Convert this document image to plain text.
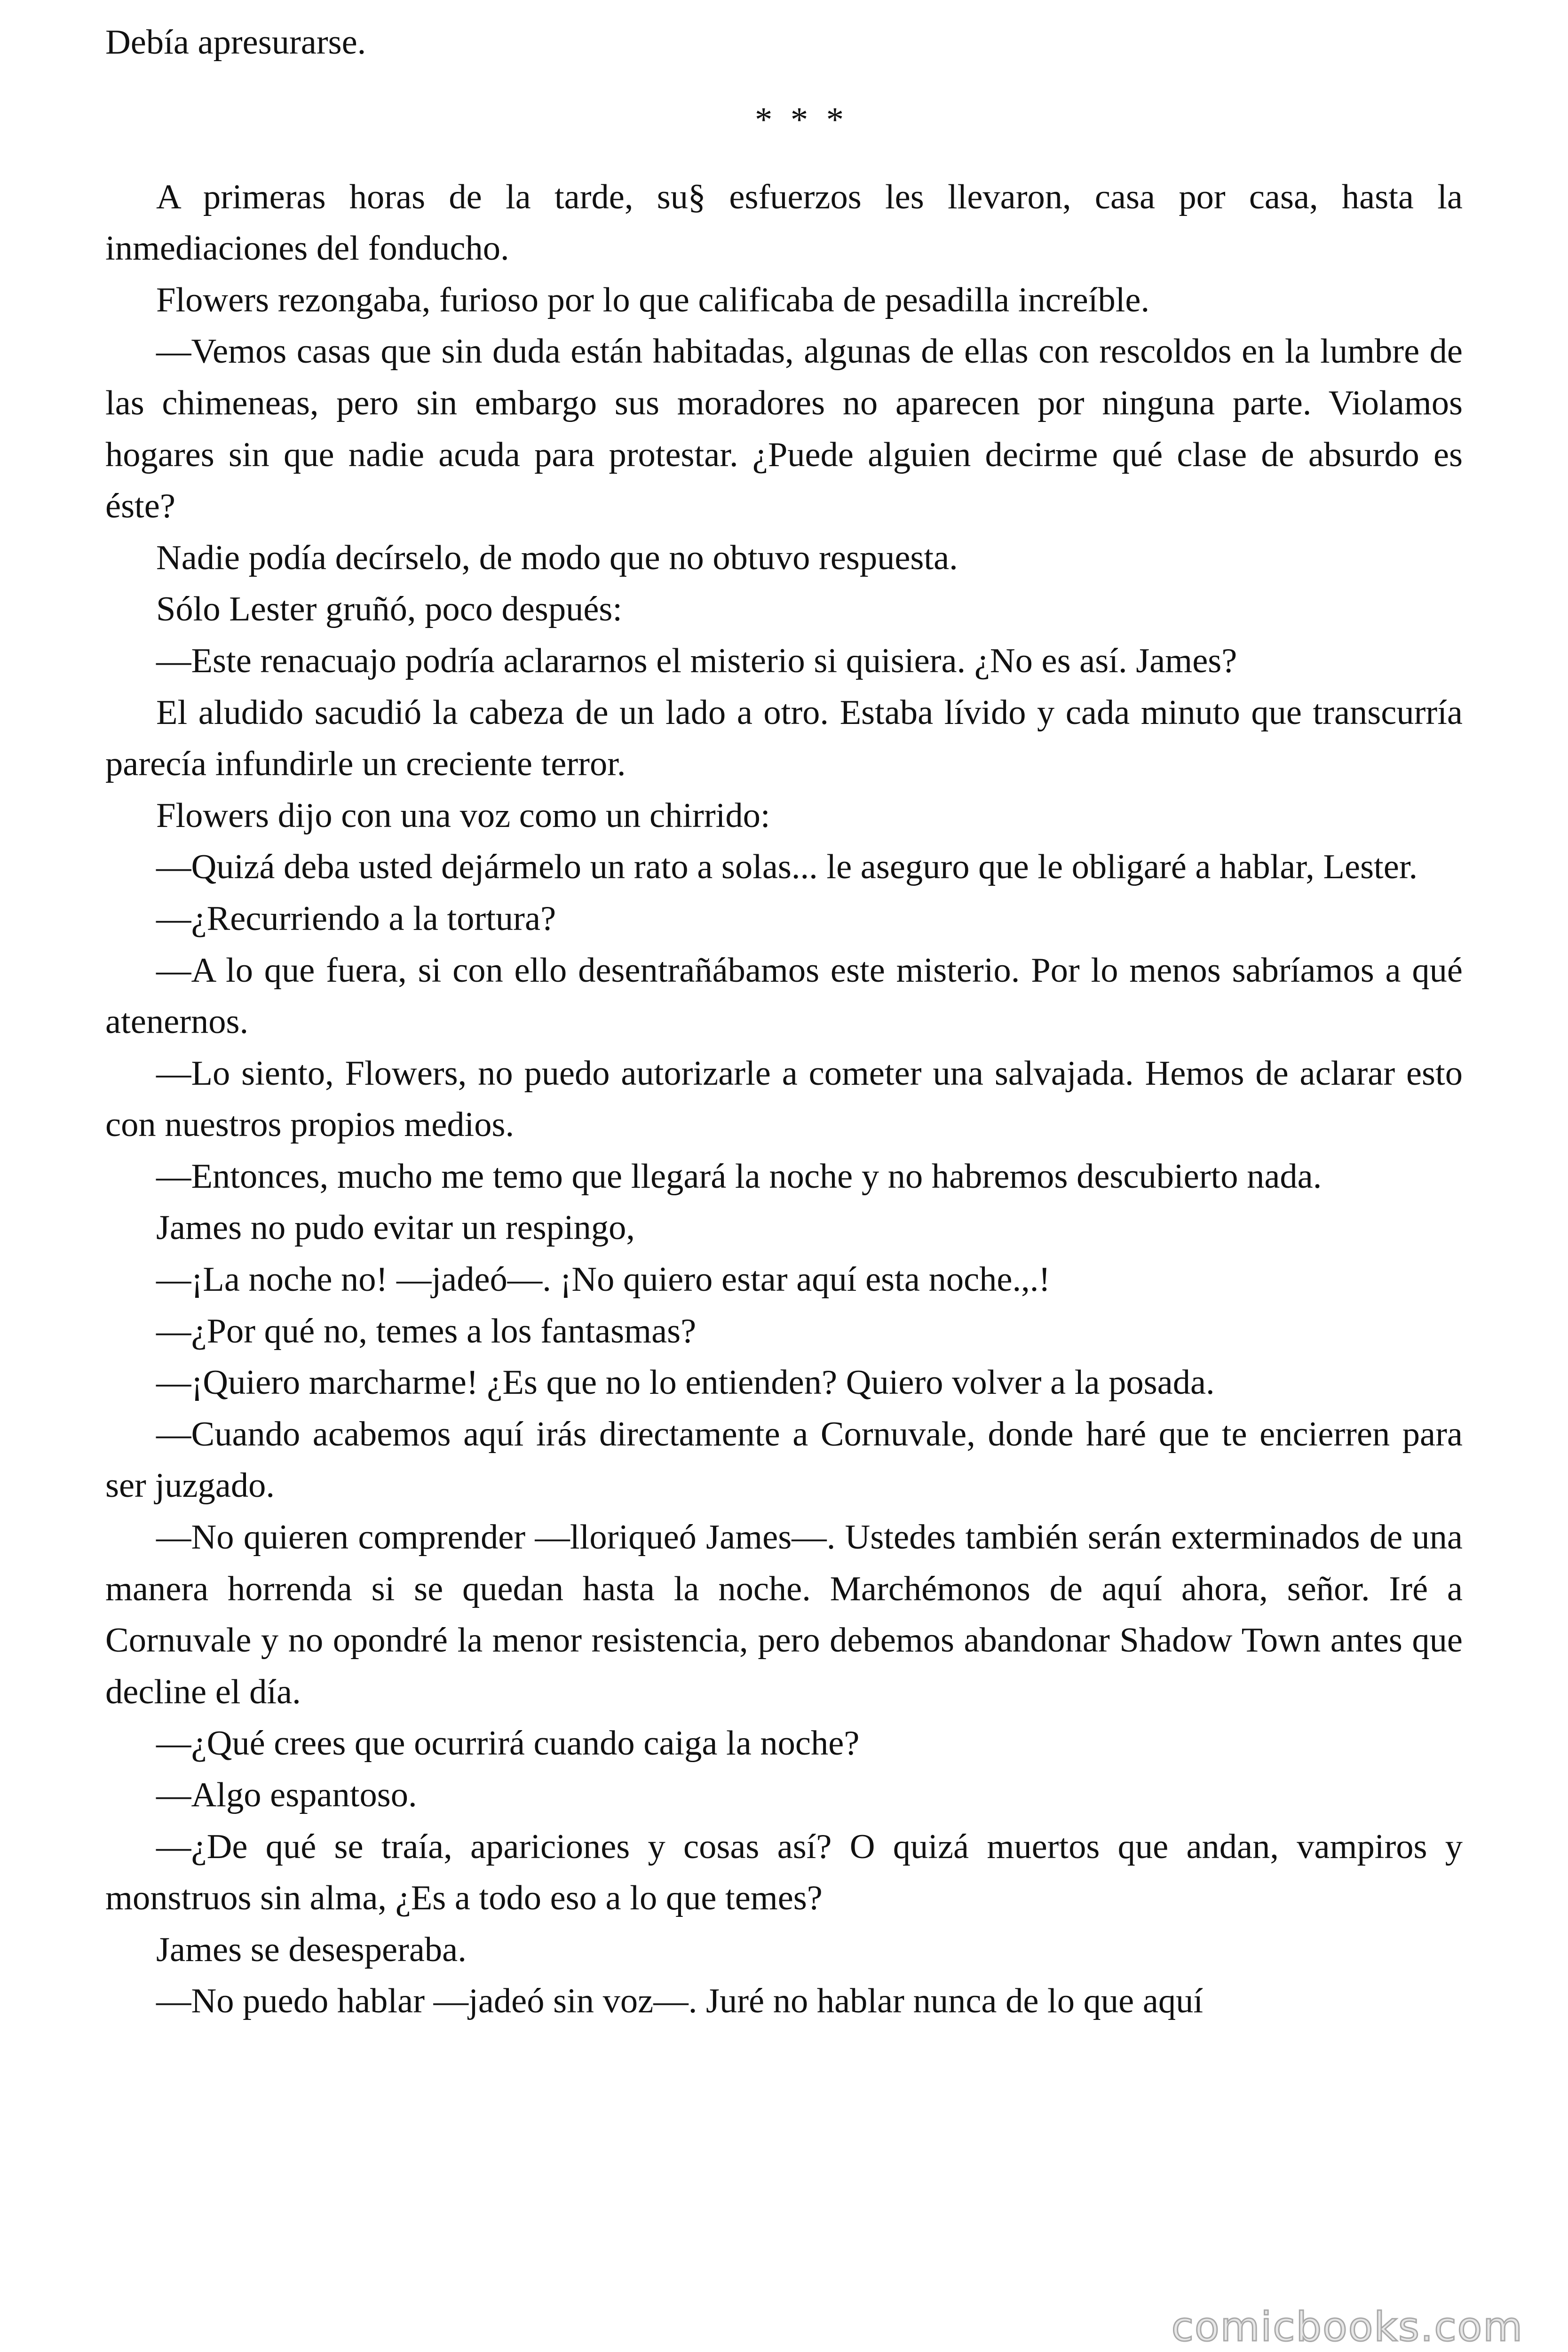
Debía apresurarse.

* * *

A primeras horas de la tarde, su§ esfuerzos les llevaron, casa por casa, hasta la inmediaciones del fonducho.

Flowers rezongaba, furioso por lo que calificaba de pesadilla increíble.

—Vemos casas que sin duda están habitadas, algunas de ellas con rescoldos en la lumbre de las chimeneas, pero sin embargo sus moradores no aparecen por ninguna parte. Violamos hogares sin que nadie acuda para protestar. ¿Puede alguien decirme qué clase de absurdo es éste?

Nadie podía decírselo, de modo que no obtuvo respuesta.

Sólo Lester gruñó, poco después:

—Este renacuajo podría aclararnos el misterio si quisiera. ¿No es así. James?

El aludido sacudió la cabeza de un lado a otro. Estaba lívido y cada minuto que transcurría parecía infundirle un creciente terror.

Flowers dijo con una voz como un chirrido:

—Quizá deba usted dejármelo un rato a solas... le aseguro que le obligaré a hablar, Lester.

—¿Recurriendo a la tortura?

—A lo que fuera, si con ello desentrañábamos este misterio. Por lo menos sabríamos a qué atenernos.

—Lo siento, Flowers, no puedo autorizarle a cometer una salvajada. Hemos de aclarar esto con nuestros propios medios.

—Entonces, mucho me temo que llegará la noche y no habremos descubierto nada.

James no pudo evitar un respingo,

—¡La noche no! —jadeó—. ¡No quiero estar aquí esta noche.,.!

—¿Por qué no, temes a los fantasmas?

—¡Quiero marcharme! ¿Es que no lo entienden? Quiero volver a la posada.

—Cuando acabemos aquí irás directamente a Cornuvale, donde haré que te encierren para ser juzgado.

—No quieren comprender —lloriqueó James—. Ustedes también serán exterminados de una manera horrenda si se quedan hasta la noche. Marchémonos de aquí ahora, señor. Iré a Cornuvale y no opondré la menor resistencia, pero debemos abandonar Shadow Town antes que decline el día.

—¿Qué crees que ocurrirá cuando caiga la noche?

—Algo espantoso.

—¿De qué se traía, apariciones y cosas así? O quizá muertos que andan, vampiros y monstruos sin alma, ¿Es a todo eso a lo que temes?

James se desesperaba.

—No puedo hablar —jadeó sin voz—. Juré no hablar nunca de lo que aquí

comicbooks.com
